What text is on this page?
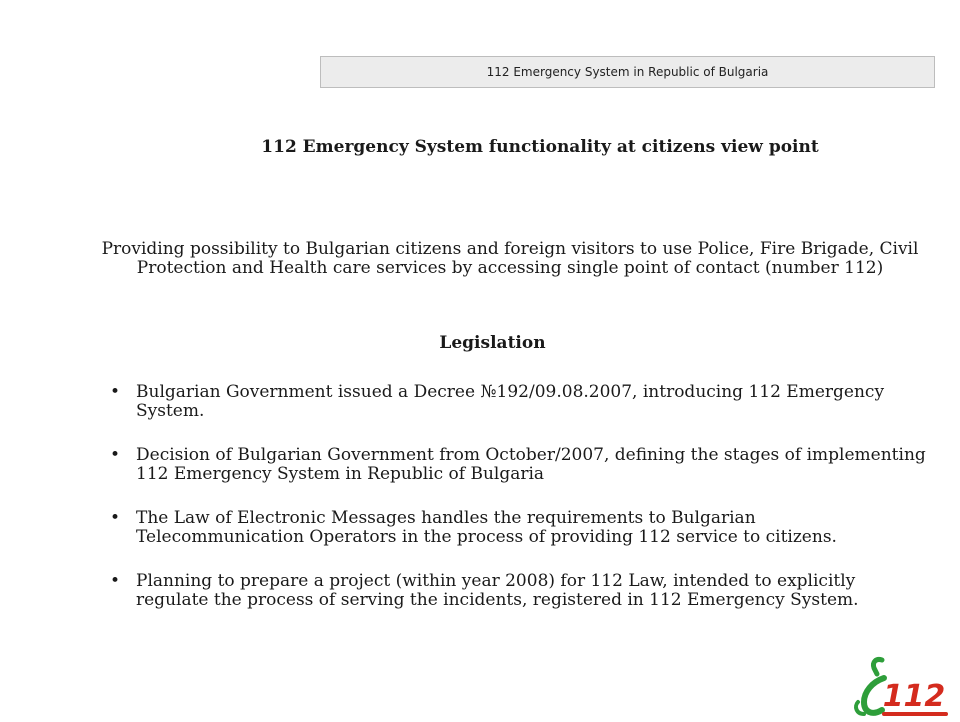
112 Emergency System in Republic of Bulgaria
112 Emergency System functionality at citizens view point
Providing possibility to Bulgarian citizens and foreign visitors to use Police, Fire Brigade, Civil Protection and Health care services by accessing single point of contact (number 112)
Legislation
• Bulgarian Government issued a Decree №192/09.08.2007, introducing 112 Emergency System.
• Decision of Bulgarian Government from October/2007, defining the stages of implementing 112 Emergency System in Republic of Bulgaria
• The Law of Electronic Messages handles the requirements to Bulgarian Telecommunication Operators in the process of providing 112 service to citizens.
• Planning to prepare a project (within year 2008) for 112 Law, intended to explicitly regulate the process of serving the incidents, registered in 112 Emergency System.
112
